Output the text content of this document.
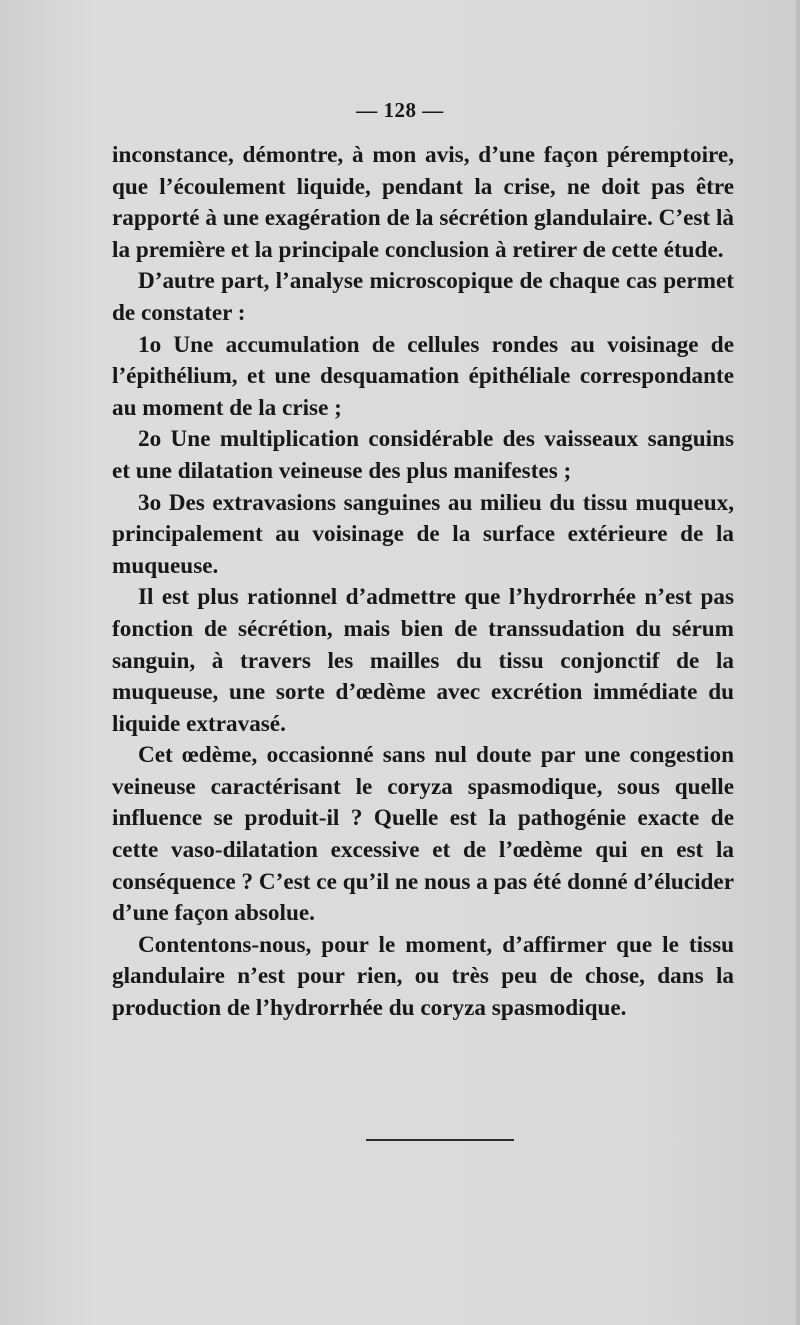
— 128 —

inconstance, démontre, à mon avis, d’une façon péremptoire, que l’écoulement liquide, pendant la crise, ne doit pas être rapporté à une exagération de la sécrétion glandulaire. C’est là la première et la principale conclusion à retirer de cette étude.

D’autre part, l’analyse microscopique de chaque cas permet de constater :

1o Une accumulation de cellules rondes au voisinage de l’épithélium, et une desquamation épithéliale correspondante au moment de la crise ;

2o Une multiplication considérable des vaisseaux sanguins et une dilatation veineuse des plus manifestes ;

3o Des extravasions sanguines au milieu du tissu muqueux, principalement au voisinage de la surface extérieure de la muqueuse.

Il est plus rationnel d’admettre que l’hydrorrhée n’est pas fonction de sécrétion, mais bien de transsudation du sérum sanguin, à travers les mailles du tissu conjonctif de la muqueuse, une sorte d’œdème avec excrétion immédiate du liquide extravasé.

Cet œdème, occasionné sans nul doute par une congestion veineuse caractérisant le coryza spasmodique, sous quelle influence se produit-il ? Quelle est la pathogénie exacte de cette vaso-dilatation excessive et de l’œdème qui en est la conséquence ? C’est ce qu’il ne nous a pas été donné d’élucider d’une façon absolue.

Contentons-nous, pour le moment, d’affirmer que le tissu glandulaire n’est pour rien, ou très peu de chose, dans la production de l’hydrorrhée du coryza spasmodique.
